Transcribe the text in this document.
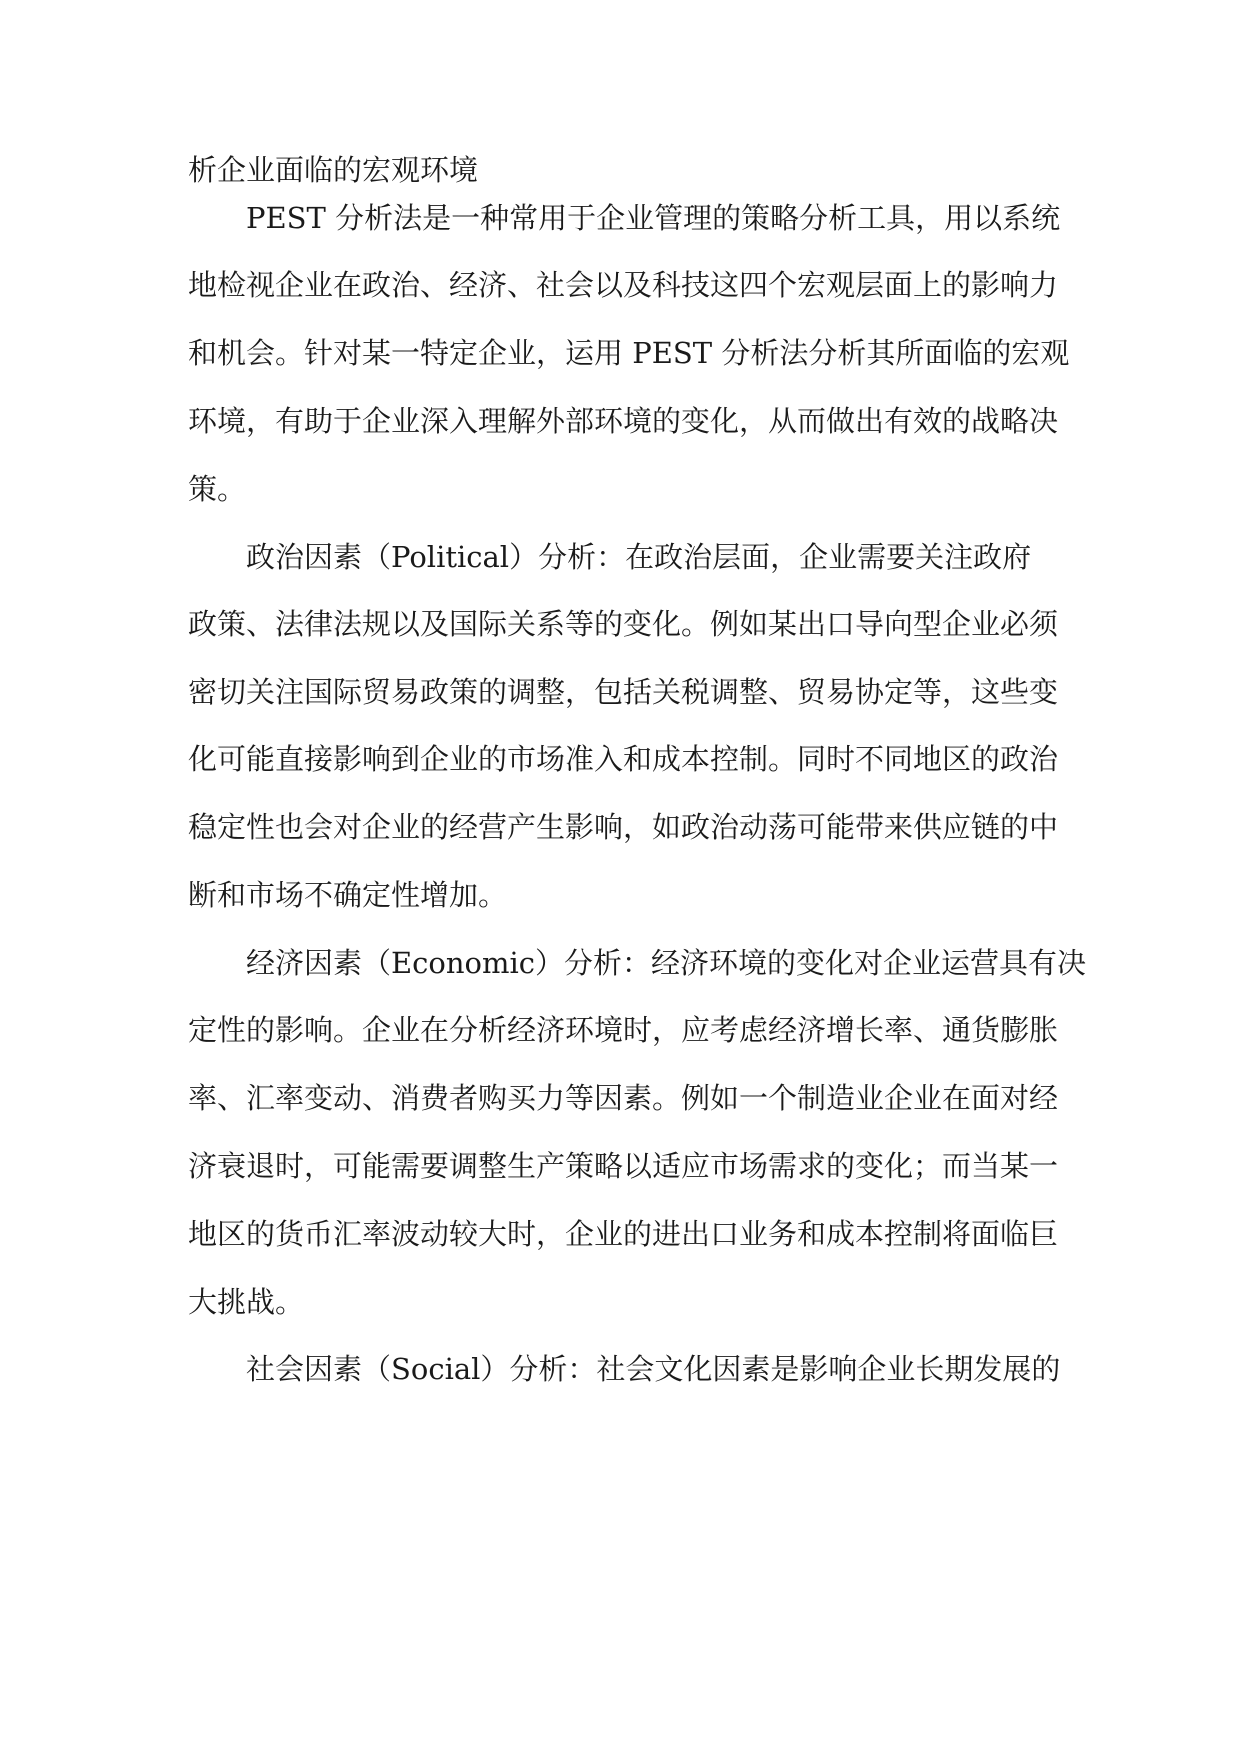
析企业面临的宏观环境

PEST 分析法是一种常用于企业管理的策略分析工具，用以系统

地检视企业在政治、经济、社会以及科技这四个宏观层面上的影响力

和机会。针对某一特定企业，运用 PEST 分析法分析其所面临的宏观

环境，有助于企业深入理解外部环境的变化，从而做出有效的战略决

策。

政治因素（Political）分析：在政治层面，企业需要关注政府

政策、法律法规以及国际关系等的变化。例如某出口导向型企业必须

密切关注国际贸易政策的调整，包括关税调整、贸易协定等，这些变

化可能直接影响到企业的市场准入和成本控制。同时不同地区的政治

稳定性也会对企业的经营产生影响，如政治动荡可能带来供应链的中

断和市场不确定性增加。

经济因素（Economic）分析：经济环境的变化对企业运营具有决

定性的影响。企业在分析经济环境时，应考虑经济增长率、通货膨胀

率、汇率变动、消费者购买力等因素。例如一个制造业企业在面对经

济衰退时，可能需要调整生产策略以适应市场需求的变化；而当某一

地区的货币汇率波动较大时，企业的进出口业务和成本控制将面临巨

大挑战。

社会因素（Social）分析：社会文化因素是影响企业长期发展的
